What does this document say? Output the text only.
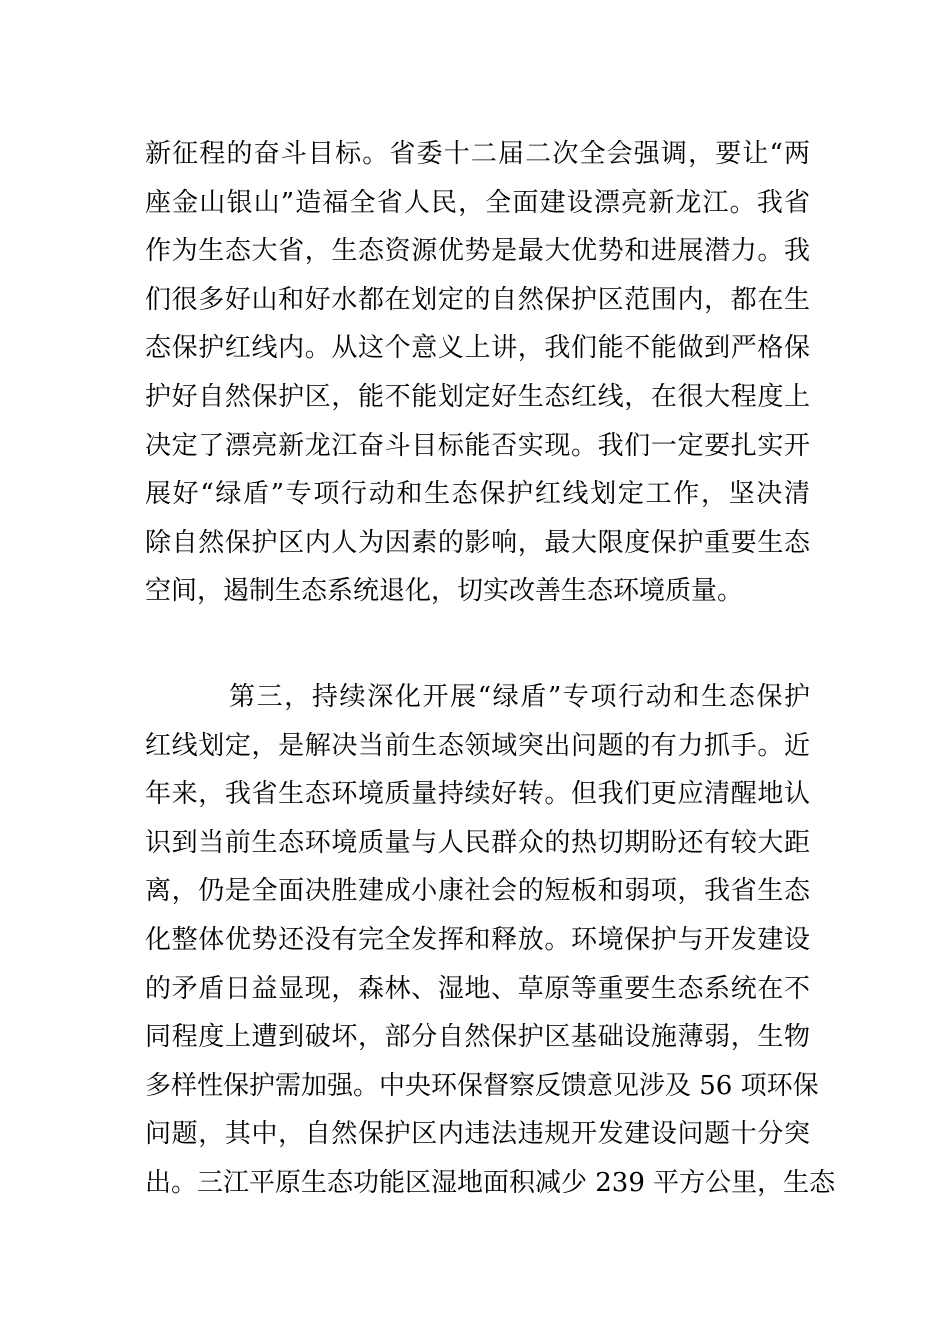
新征程的奋斗目标。省委十二届二次全会强调，要让“两
座金山银山”造福全省人民，全面建设漂亮新龙江。我省
作为生态大省，生态资源优势是最大优势和进展潜力。我
们很多好山和好水都在划定的自然保护区范围内，都在生
态保护红线内。从这个意义上讲，我们能不能做到严格保
护好自然保护区，能不能划定好生态红线，在很大程度上
决定了漂亮新龙江奋斗目标能否实现。我们一定要扎实开
展好“绿盾”专项行动和生态保护红线划定工作，坚决清
除自然保护区内人为因素的影响，最大限度保护重要生态
空间，遏制生态系统退化，切实改善生态环境质量。
第三，持续深化开展“绿盾”专项行动和生态保护
红线划定，是解决当前生态领域突出问题的有力抓手。近
年来，我省生态环境质量持续好转。但我们更应清醒地认
识到当前生态环境质量与人民群众的热切期盼还有较大距
离，仍是全面决胜建成小康社会的短板和弱项，我省生态
化整体优势还没有完全发挥和释放。环境保护与开发建设
的矛盾日益显现，森林、湿地、草原等重要生态系统在不
同程度上遭到破坏，部分自然保护区基础设施薄弱，生物
多样性保护需加强。中央环保督察反馈意见涉及 56 项环保
问题，其中，自然保护区内违法违规开发建设问题十分突
出。三江平原生态功能区湿地面积减少 239 平方公里，生态
